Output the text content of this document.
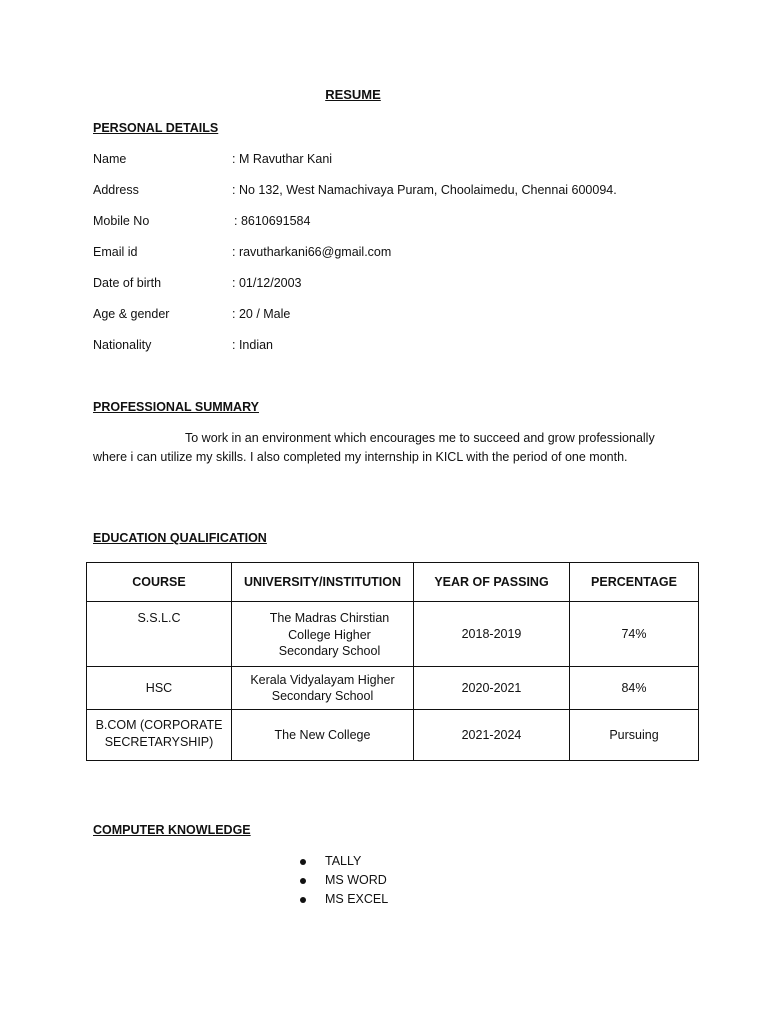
RESUME
PERSONAL DETAILS
Name	: M Ravuthar Kani
Address	: No 132, West Namachivaya Puram, Choolaimedu, Chennai 600094.
Mobile No	: 8610691584
Email id	: ravutharkani66@gmail.com
Date of birth	: 01/12/2003
Age & gender	: 20 / Male
Nationality	: Indian
PROFESSIONAL SUMMARY
To work in an environment which encourages me to succeed and grow professionally where i can utilize my skills. I also completed my internship in KICL with the period of one month.
EDUCATION QUALIFICATION
COURSE	UNIVERSITY/INSTITUTION	YEAR OF PASSING	PERCENTAGE
S.S.L.C	The Madras Chirstian College Higher Secondary School	2018-2019	74%
HSC	Kerala Vidyalayam Higher Secondary School	2020-2021	84%
B.COM (CORPORATE SECRETARYSHIP)	The New College	2021-2024	Pursuing
COMPUTER KNOWLEDGE
TALLY
MS WORD
MS EXCEL
